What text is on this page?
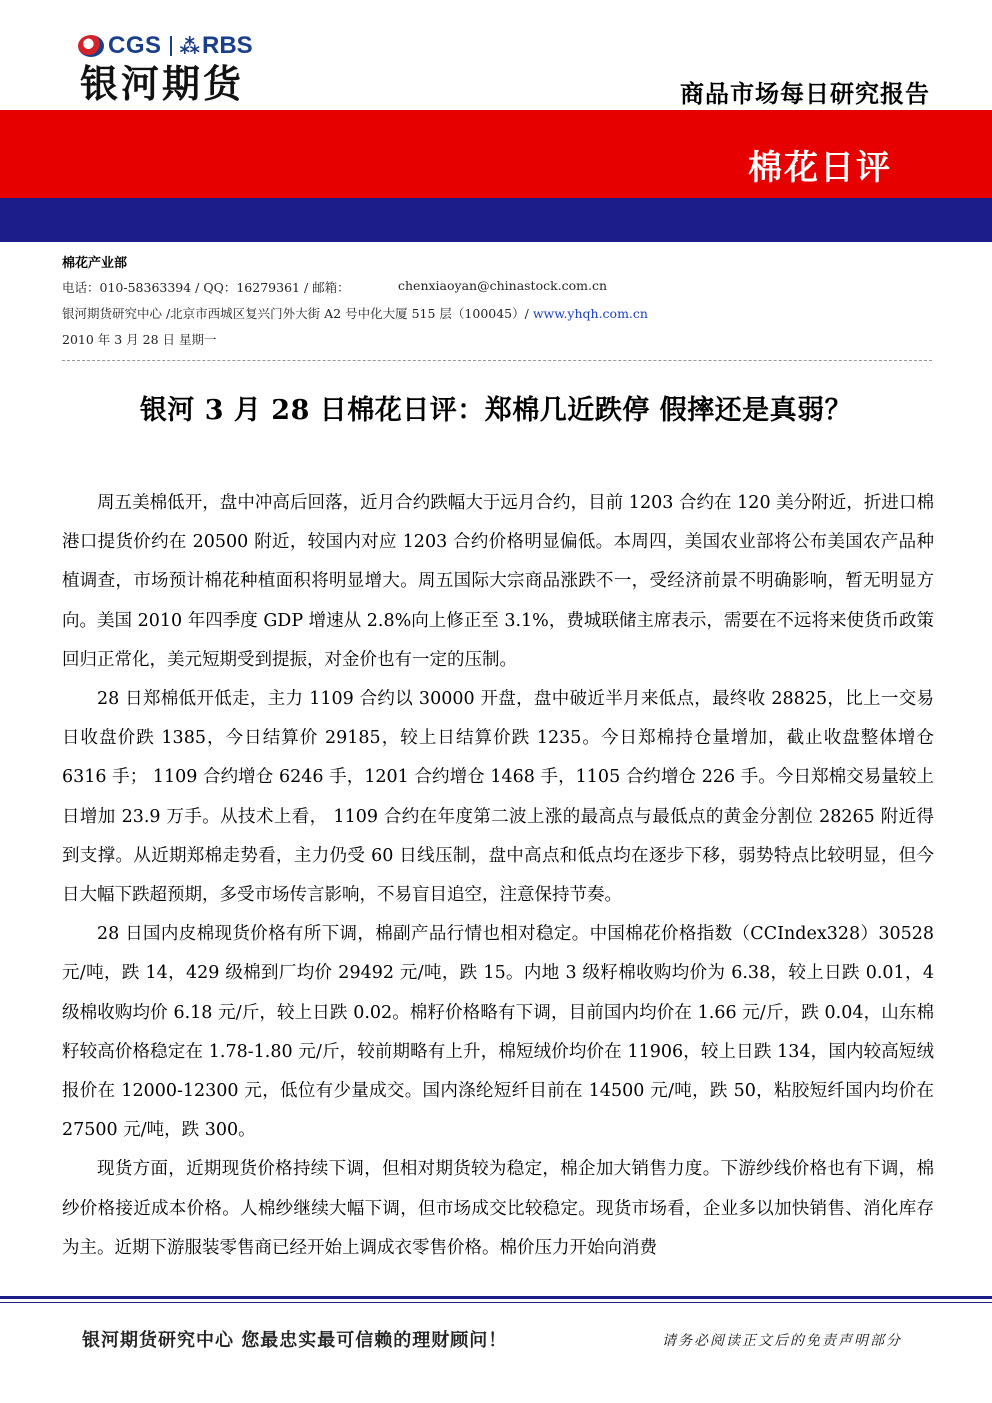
CGS ⁂ RBS
银河期货	商品市场每日研究报告
棉花日评
棉花产业部
电话：010-58363394 / QQ：16279361 / 邮箱：	chenxiaoyan@chinastock.com.cn
银河期货研究中心 /北京市西城区复兴门外大街 A2 号中化大厦 515 层（100045）/ www.yhqh.com.cn
2010 年 3 月 28 日 星期一
银河 3 月 28 日棉花日评：郑棉几近跌停 假摔还是真弱？

周五美棉低开，盘中冲高后回落，近月合约跌幅大于远月合约，目前 1203 合约在 120 美分附近，折进口棉港口提货价约在 20500 附近，较国内对应 1203 合约价格明显偏低。本周四，美国农业部将公布美国农产品种植调查，市场预计棉花种植面积将明显增大。周五国际大宗商品涨跌不一，受经济前景不明确影响，暂无明显方向。美国 2010 年四季度 GDP 增速从 2.8%向上修正至 3.1%，费城联储主席表示，需要在不远将来使货币政策回归正常化，美元短期受到提振，对金价也有一定的压制。

28 日郑棉低开低走，主力 1109 合约以 30000 开盘，盘中破近半月来低点，最终收 28825，比上一交易日收盘价跌 1385，今日结算价 29185，较上日结算价跌 1235。今日郑棉持仓量增加，截止收盘整体增仓 6316 手； 1109 合约增仓 6246 手，1201 合约增仓 1468 手，1105 合约增仓 226 手。今日郑棉交易量较上日增加 23.9 万手。从技术上看， 1109 合约在年度第二波上涨的最高点与最低点的黄金分割位 28265 附近得到支撑。从近期郑棉走势看，主力仍受 60 日线压制，盘中高点和低点均在逐步下移，弱势特点比较明显，但今日大幅下跌超预期，多受市场传言影响，不易盲目追空，注意保持节奏。

28 日国内皮棉现货价格有所下调，棉副产品行情也相对稳定。中国棉花价格指数（CCIndex328）30528 元/吨，跌 14，429 级棉到厂均价 29492 元/吨，跌 15。内地 3 级籽棉收购均价为 6.38，较上日跌 0.01，4 级棉收购均价 6.18 元/斤，较上日跌 0.02。棉籽价格略有下调，目前国内均价在 1.66 元/斤，跌 0.04，山东棉籽较高价格稳定在 1.78-1.80 元/斤，较前期略有上升，棉短绒价均价在 11906，较上日跌 134，国内较高短绒报价在 12000-12300 元，低位有少量成交。国内涤纶短纤目前在 14500 元/吨，跌 50，粘胶短纤国内均价在 27500 元/吨，跌 300。

现货方面，近期现货价格持续下调，但相对期货较为稳定，棉企加大销售力度。下游纱线价格也有下调，棉纱价格接近成本价格。人棉纱继续大幅下调，但市场成交比较稳定。现货市场看，企业多以加快销售、消化库存为主。近期下游服装零售商已经开始上调成衣零售价格。棉价压力开始向消费

银河期货研究中心 您最忠实最可信赖的理财顾问！	请务必阅读正文后的免责声明部分
